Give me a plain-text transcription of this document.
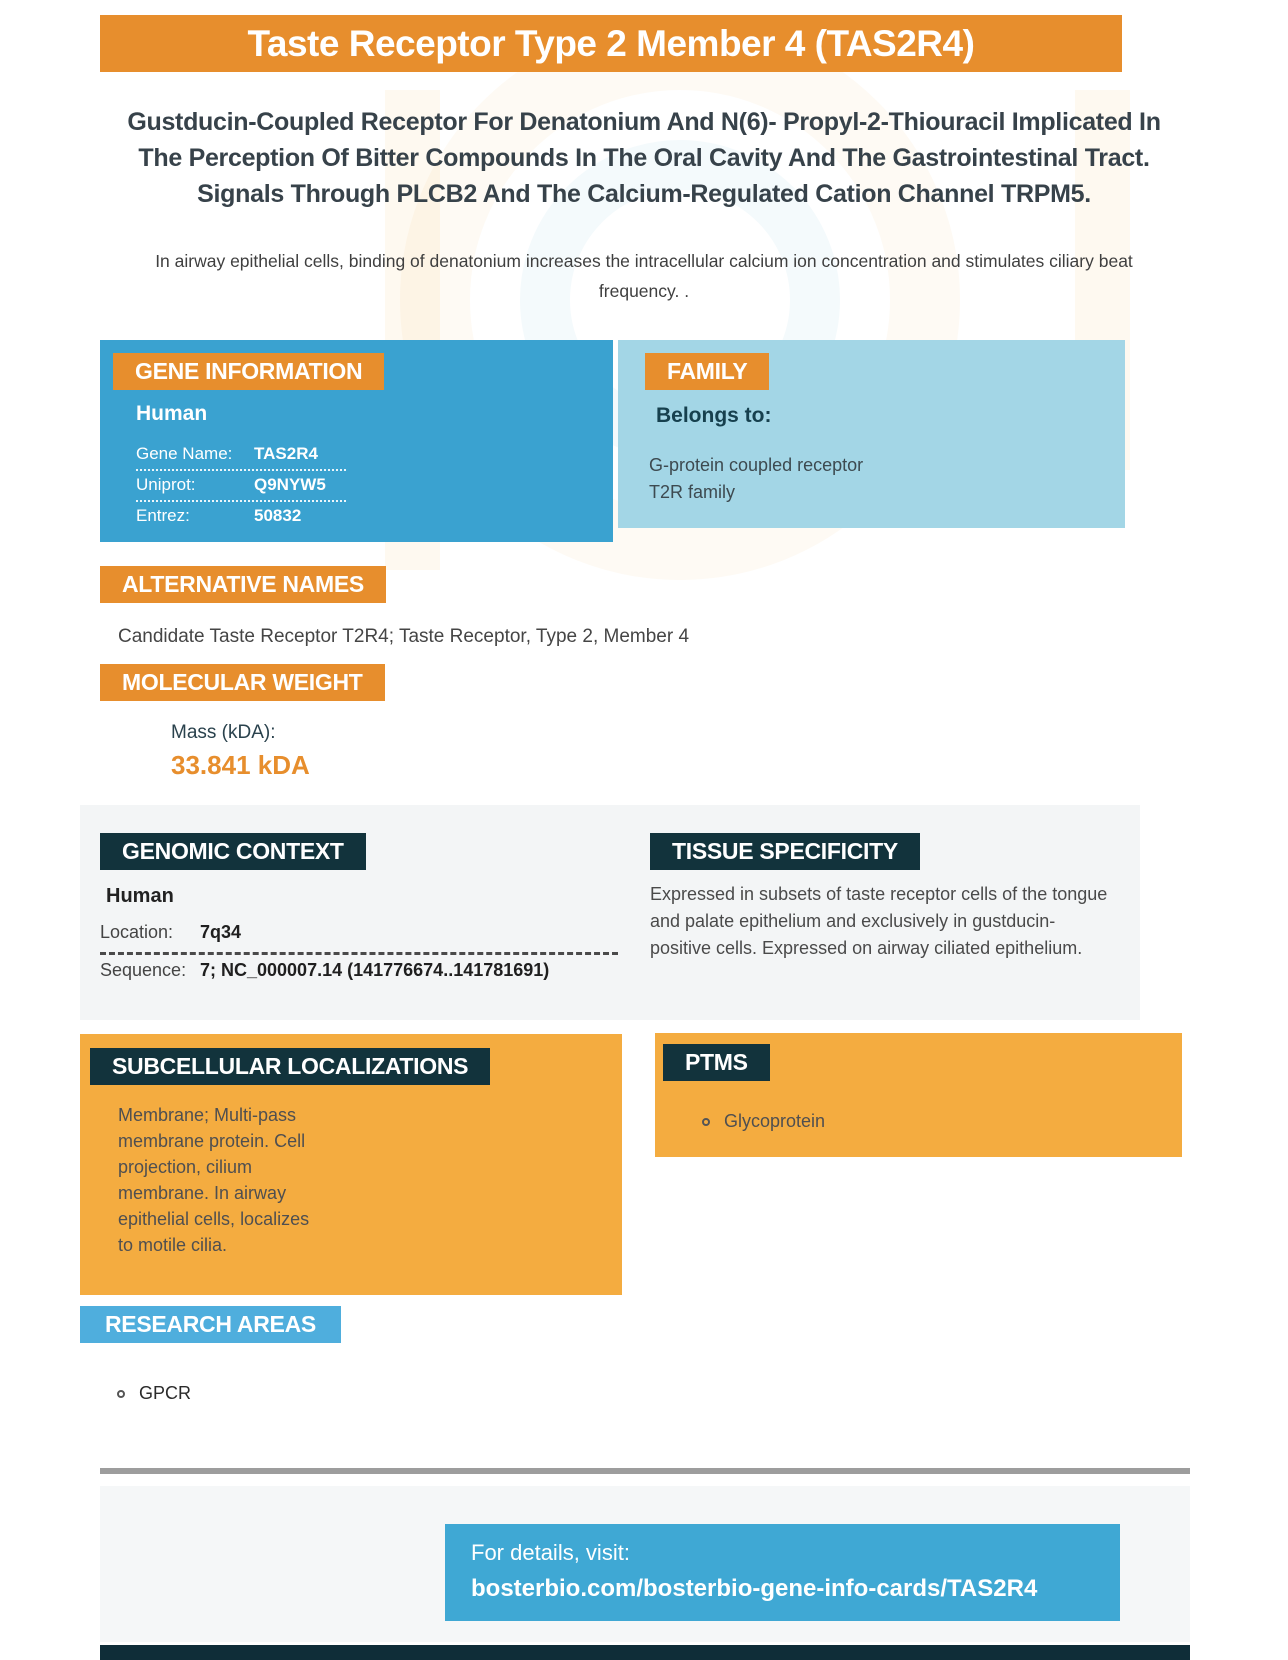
Taste Receptor Type 2 Member 4 (TAS2R4)
Gustducin-Coupled Receptor For Denatonium And N(6)- Propyl-2-Thiouracil Implicated In The Perception Of Bitter Compounds In The Oral Cavity And The Gastrointestinal Tract. Signals Through PLCB2 And The Calcium-Regulated Cation Channel TRPM5.
In airway epithelial cells, binding of denatonium increases the intracellular calcium ion concentration and stimulates ciliary beat frequency. .
GENE INFORMATION
Human
Gene Name:	TAS2R4
Uniprot:	Q9NYW5
Entrez:	50832
FAMILY
Belongs to:
G-protein coupled receptor
T2R family
ALTERNATIVE NAMES
Candidate Taste Receptor T2R4; Taste Receptor, Type 2, Member 4
MOLECULAR WEIGHT
Mass (kDA):
33.841 kDA
GENOMIC CONTEXT
Human
Location:	7q34
Sequence: 7; NC_000007.14 (141776674..141781691)
TISSUE SPECIFICITY
Expressed in subsets of taste receptor cells of the tongue and palate epithelium and exclusively in gustducin- positive cells. Expressed on airway ciliated epithelium.
SUBCELLULAR LOCALIZATIONS
Membrane; Multi-pass membrane protein. Cell projection, cilium membrane. In airway epithelial cells, localizes to motile cilia.
PTMS
Glycoprotein
RESEARCH AREAS
GPCR
For details, visit:
bosterbio.com/bosterbio-gene-info-cards/TAS2R4
